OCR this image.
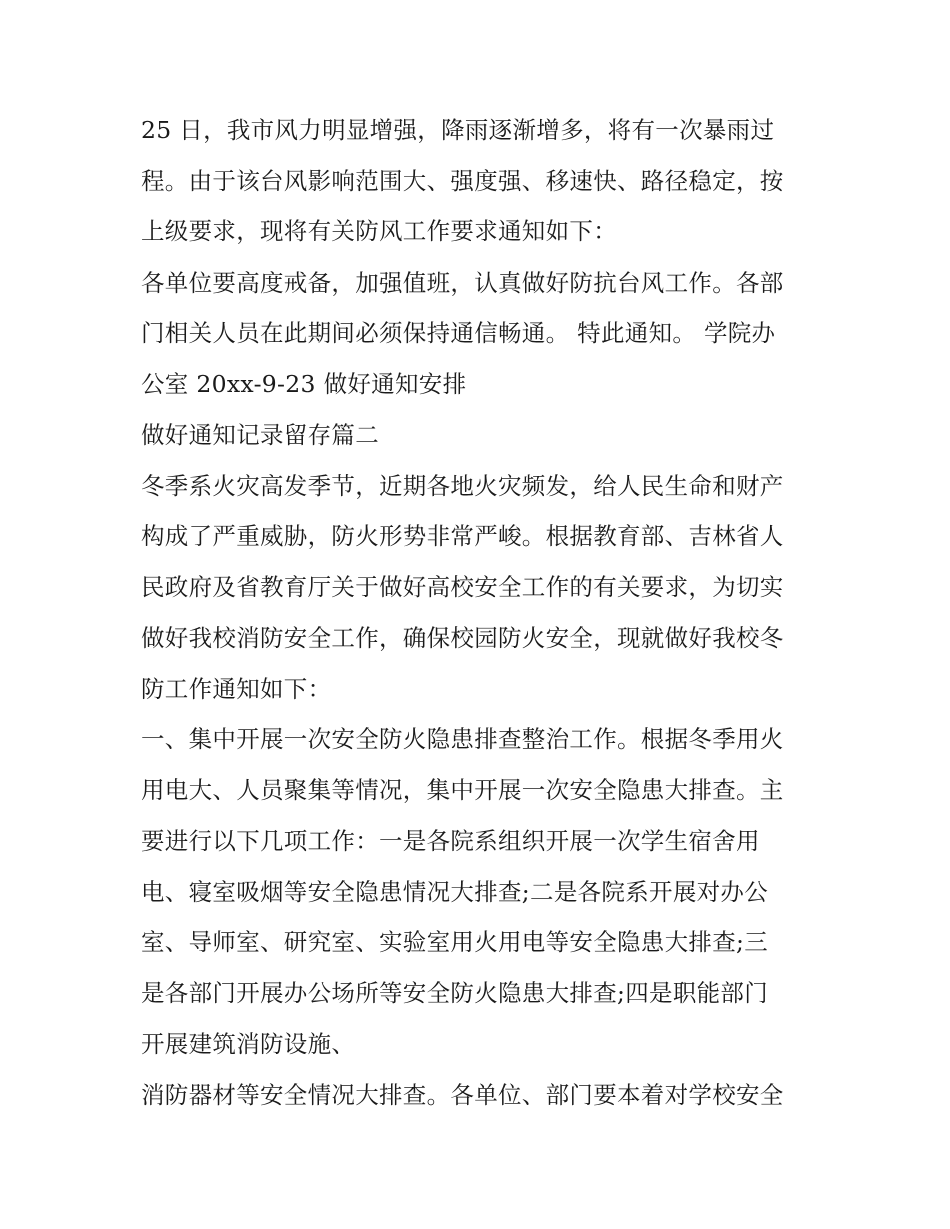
25 日，我市风力明显增强，降雨逐渐增多，将有一次暴雨过
程。由于该台风影响范围大、强度强、移速快、路径稳定，按
上级要求，现将有关防风工作要求通知如下：
各单位要高度戒备，加强值班，认真做好防抗台风工作。各部
门相关人员在此期间必须保持通信畅通。 特此通知。 学院办
公室 20xx-9-23 做好通知安排
做好通知记录留存篇二
冬季系火灾高发季节，近期各地火灾频发，给人民生命和财产
构成了严重威胁，防火形势非常严峻。根据教育部、吉林省人
民政府及省教育厅关于做好高校安全工作的有关要求，为切实
做好我校消防安全工作，确保校园防火安全，现就做好我校冬
防工作通知如下：
一、集中开展一次安全防火隐患排查整治工作。根据冬季用火
用电大、人员聚集等情况，集中开展一次安全隐患大排查。主
要进行以下几项工作：一是各院系组织开展一次学生宿舍用
电、寝室吸烟等安全隐患情况大排查;二是各院系开展对办公
室、导师室、研究室、实验室用火用电等安全隐患大排查;三
是各部门开展办公场所等安全防火隐患大排查;四是职能部门
开展建筑消防设施、
消防器材等安全情况大排查。各单位、部门要本着对学校安全
